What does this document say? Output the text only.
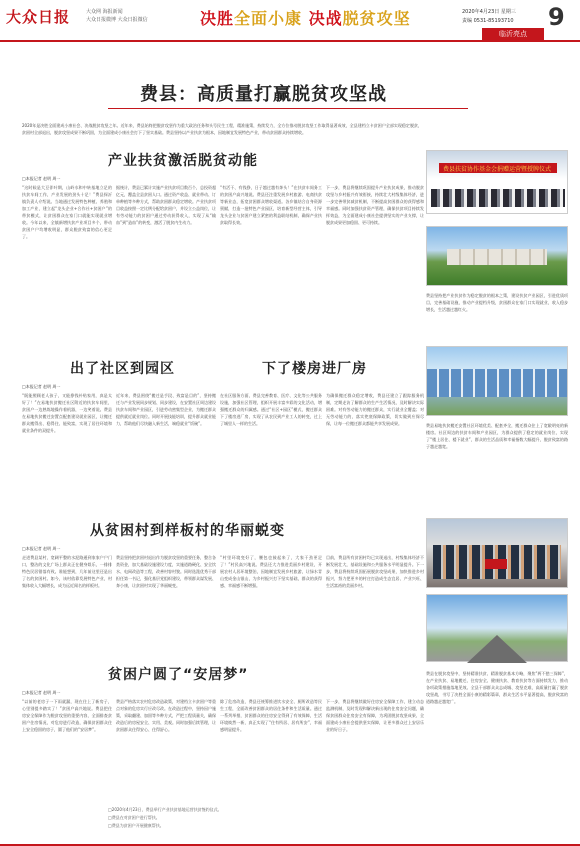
大众日报	大众网 海报新闻
大众日报微博 大众日报微信	决胜全面小康 决战脱贫攻坚	2020年4月23日 星期三
责编 0531-85193710 9
临沂亮点
费县：高质量打赢脱贫攻坚战
2020年是决胜全面建成小康社会、决战脱贫攻坚之年。近年来，费县始终把脱贫攻坚作为重大政治任务和头号民生工程，精准施策，持续发力，全方位推动脱贫攻坚工作取得显著成效，全县建档立卡贫困户全部实现稳定脱贫，贫困村全部退出，脱贫攻坚成果不断巩固，为全面建成小康社会打下了坚实基础。费县坚持以产业扶贫为根本，因地制宜发展特色产业，带动贫困群众持续增收。
费县扶贫协作基金会捐赠运营暨授牌仪式
产业扶贫激活脱贫动能
□本报记者 赵明 周一
“这时候是大豆伴叶期，山岭水和中转基地立足的扶贫车间工作，产业发展的劲头十足！”费县探沂镇负责人介绍说。当地通过发展特色种植、养殖和加工产业，建立起“龙头企业+合作社+贫困户”的带贫模式，让贫困群众在家门口就能实现就业增收。今年以来，全镇新增扶贫产业项目多个，带动贫困户户均增收明显，群众脱贫致富的信心更足了。
据统计，费县已累计实施产业扶贫项目数百个，总投资超亿元，覆盖全县贫困人口。通过资产收益、就业带动、订单种植等多种方式，帮助贫困群众稳定增收。产业扶贫项目收益按照一定比例分配给贫困户，并设立公益岗位，让有劳动能力的贫困户通过劳动获得收入，实现了从“输血”到“造血”的转变，激活了脱贫内生动力。
“有活干、有钱挣，日子越过越有奔头！”在扶贫车间务工的贫困户高兴地说。费县还注重发展乡村旅游、电商扶贫等新业态，拓宽贫困群众增收渠道。各乡镇结合自身资源禀赋，打造一批特色产业园区，培育新型经营主体，引导龙头企业与贫困户建立紧密的利益联结机制，确保产业扶贫取得长效。
下一步，费县将继续巩固提升产业扶贫成果，推动脱贫攻坚与乡村振兴有效衔接，持续壮大村级集体经济，进一步完善带贫减贫机制，不断提高贫困群众的获得感和幸福感。同时加强扶贫资产管理，确保扶贫项目持续发挥效益，为全面建成小康社会提供坚实的产业支撑，让脱贫成果更加稳固、更可持续。
费县坚持把产业扶贫作为稳定脱贫的根本之策，建设扶贫产业园区，引进优质项目，完善基础设施，推动产业提档升级，贫困群众在家门口实现就业，收入稳步增长，生活越过越红火。
出了社区到园区	下了楼房进厂房
□本报记者 赵明 周一
“既能照顾老人孩子，又能挣钱补贴家用，真是太好了！”在易地扶贫搬迁社区附近的扶贫车间里，贫困户一边熟练地操作着机器，一边笑着说。费县在易地扶贫搬迁安置点配套建设就业园区，让搬迁群众搬得出、稳得住、能致富，实现了居住环境和就业条件的双提升。
近年来，费县围绕“搬迁是手段、致富是目的”，坚持搬迁与产业发展同步规划、同步建设，在安置社区周边建设扶贫车间和产业园区，引进劳动密集型企业，为搬迁群众提供就近就业岗位。同时开展技能培训，提升群众就业能力，帮助他们尽快融入新生活，端稳就业“饭碗”。
在社区服务方面，费县完善教育、医疗、文化等公共服务设施，加强社区管理，组织开展丰富多彩的文化活动，增强搬迁群众的归属感。通过“社区+园区”模式，搬迁群众下了楼房进厂房，实现了从农民到产业工人的转变，过上了城里人一样的生活。
为确保搬迁群众稳定增收，费县还建立了跟踪服务机制，定期走访了解群众的生产生活情况，及时解决实际困难。对有劳动能力的搬迁群众，实行就业全覆盖；对无劳动能力的，落实兜底保障政策，切实做到应保尽保，让每一位搬迁群众都能共享发展成果。	费县易地扶贫搬迁安置社区环境优美、配套齐全，搬迁群众住上了宽敞明亮的新楼房。社区周边的扶贫车间和产业园区，为群众提供了稳定的就业岗位，实现了“楼上居住、楼下就业”，群众的生活品质和幸福指数大幅提升，脱贫致富的路子越走越宽。
从贫困村到样板村的华丽蜕变
□本报记者 赵明 周一
走进费县某村，宽阔平整的水泥路通到家家户户门口，整洁的文化广场上群众正在健身娱乐，一排排特色民居错落有致。谁能想到，几年前这里还是出了名的贫困村。如今，该村依靠发展特色产业，村集体收入大幅增长，成为远近闻名的样板村。
费县坚持把贫困村退出作为脱贫攻坚的重要任务，整合各类资金，加大基础设施建设力度，实施道路硬化、安全饮水、电网改造等工程，改善村容村貌。同时选派优秀干部担任第一书记，强化基层党组织建设，带领群众谋发展、奔小康，让贫困村实现了华丽蜕变。
“村里环境变好了，腰包也鼓起来了，大家干劲更足了！”村民高兴地说。费县还大力推进美丽乡村建设，开展农村人居环境整治，因地制宜发展乡村旅游，让绿水青山变成金山银山，为乡村振兴打下坚实基础，群众的获得感、幸福感不断增强。
目前，费县所有贫困村均已实现退出，村级集体经济不断发展壮大，基础设施和公共服务水平明显提升。下一步，费县将持续巩固拓展脱贫攻坚成果，加快推进乡村振兴，努力把更多的村庄打造成生态宜居、产业兴旺、生活富裕的美丽乡村。
贫困户圆了“安居梦”
□本报记者 赵明 周一
“以前的老房子一下雨就漏，现在住上了新房子，心里别提多踏实了！”贫困户高兴地说。费县把住房安全保障作为脱贫攻坚的重要内容，全面排查贫困户住房情况，对危房进行改造，确保贫困群众住上安全稳固的房子，圆了他们的“安居梦”。
费县严格落实农村危房改造政策，对建档立卡贫困户等重点对象的危房实行应改尽改。在改造过程中，坚持因户施策，采取翻建、加固等多种方式，严把工程质量关，确保改造后的房屋安全、实用、美观。同时加强后续管理，让贫困群众住得安心、住得舒心。
除了危房改造，费县还统筹推进饮水安全、厕所改造等民生工程，全面改善贫困群众的居住条件和生活质量。通过一系列举措，贫困群众的住房安全得到了有效保障，生活环境焕然一新，真正实现了“住有所居、居有所安”，幸福感明显提升。
下一步，费县将继续做好住房安全保障工作，建立动态监测机制，及时发现和解决新出现的住房安全问题，确保贫困群众住房安全有保障，为巩固脱贫攻坚成果、全面建成小康社会提供坚实保障，让更多群众过上安居乐业的好日子。
费县在脱贫攻坚中，坚持精准扶贫、精准脱贫基本方略，聚焦“两不愁三保障”，在产业扶贫、易地搬迁、住房安全、健康扶贫、教育扶贫等方面持续发力，推动各项政策措施落地见效。全县干部群众众志成城、攻坚克难，高质量打赢了脱贫攻坚战，书写了决胜全面小康的精彩篇章，群众生活水平显著提高，脱贫致富的道路越走越宽广。
□2020年4月23日，费县举行产业扶贫基地运营扶贫签约仪式。
□费县在对贫困户进行帮扶。
□费县为贫困户开展健康帮扶。
